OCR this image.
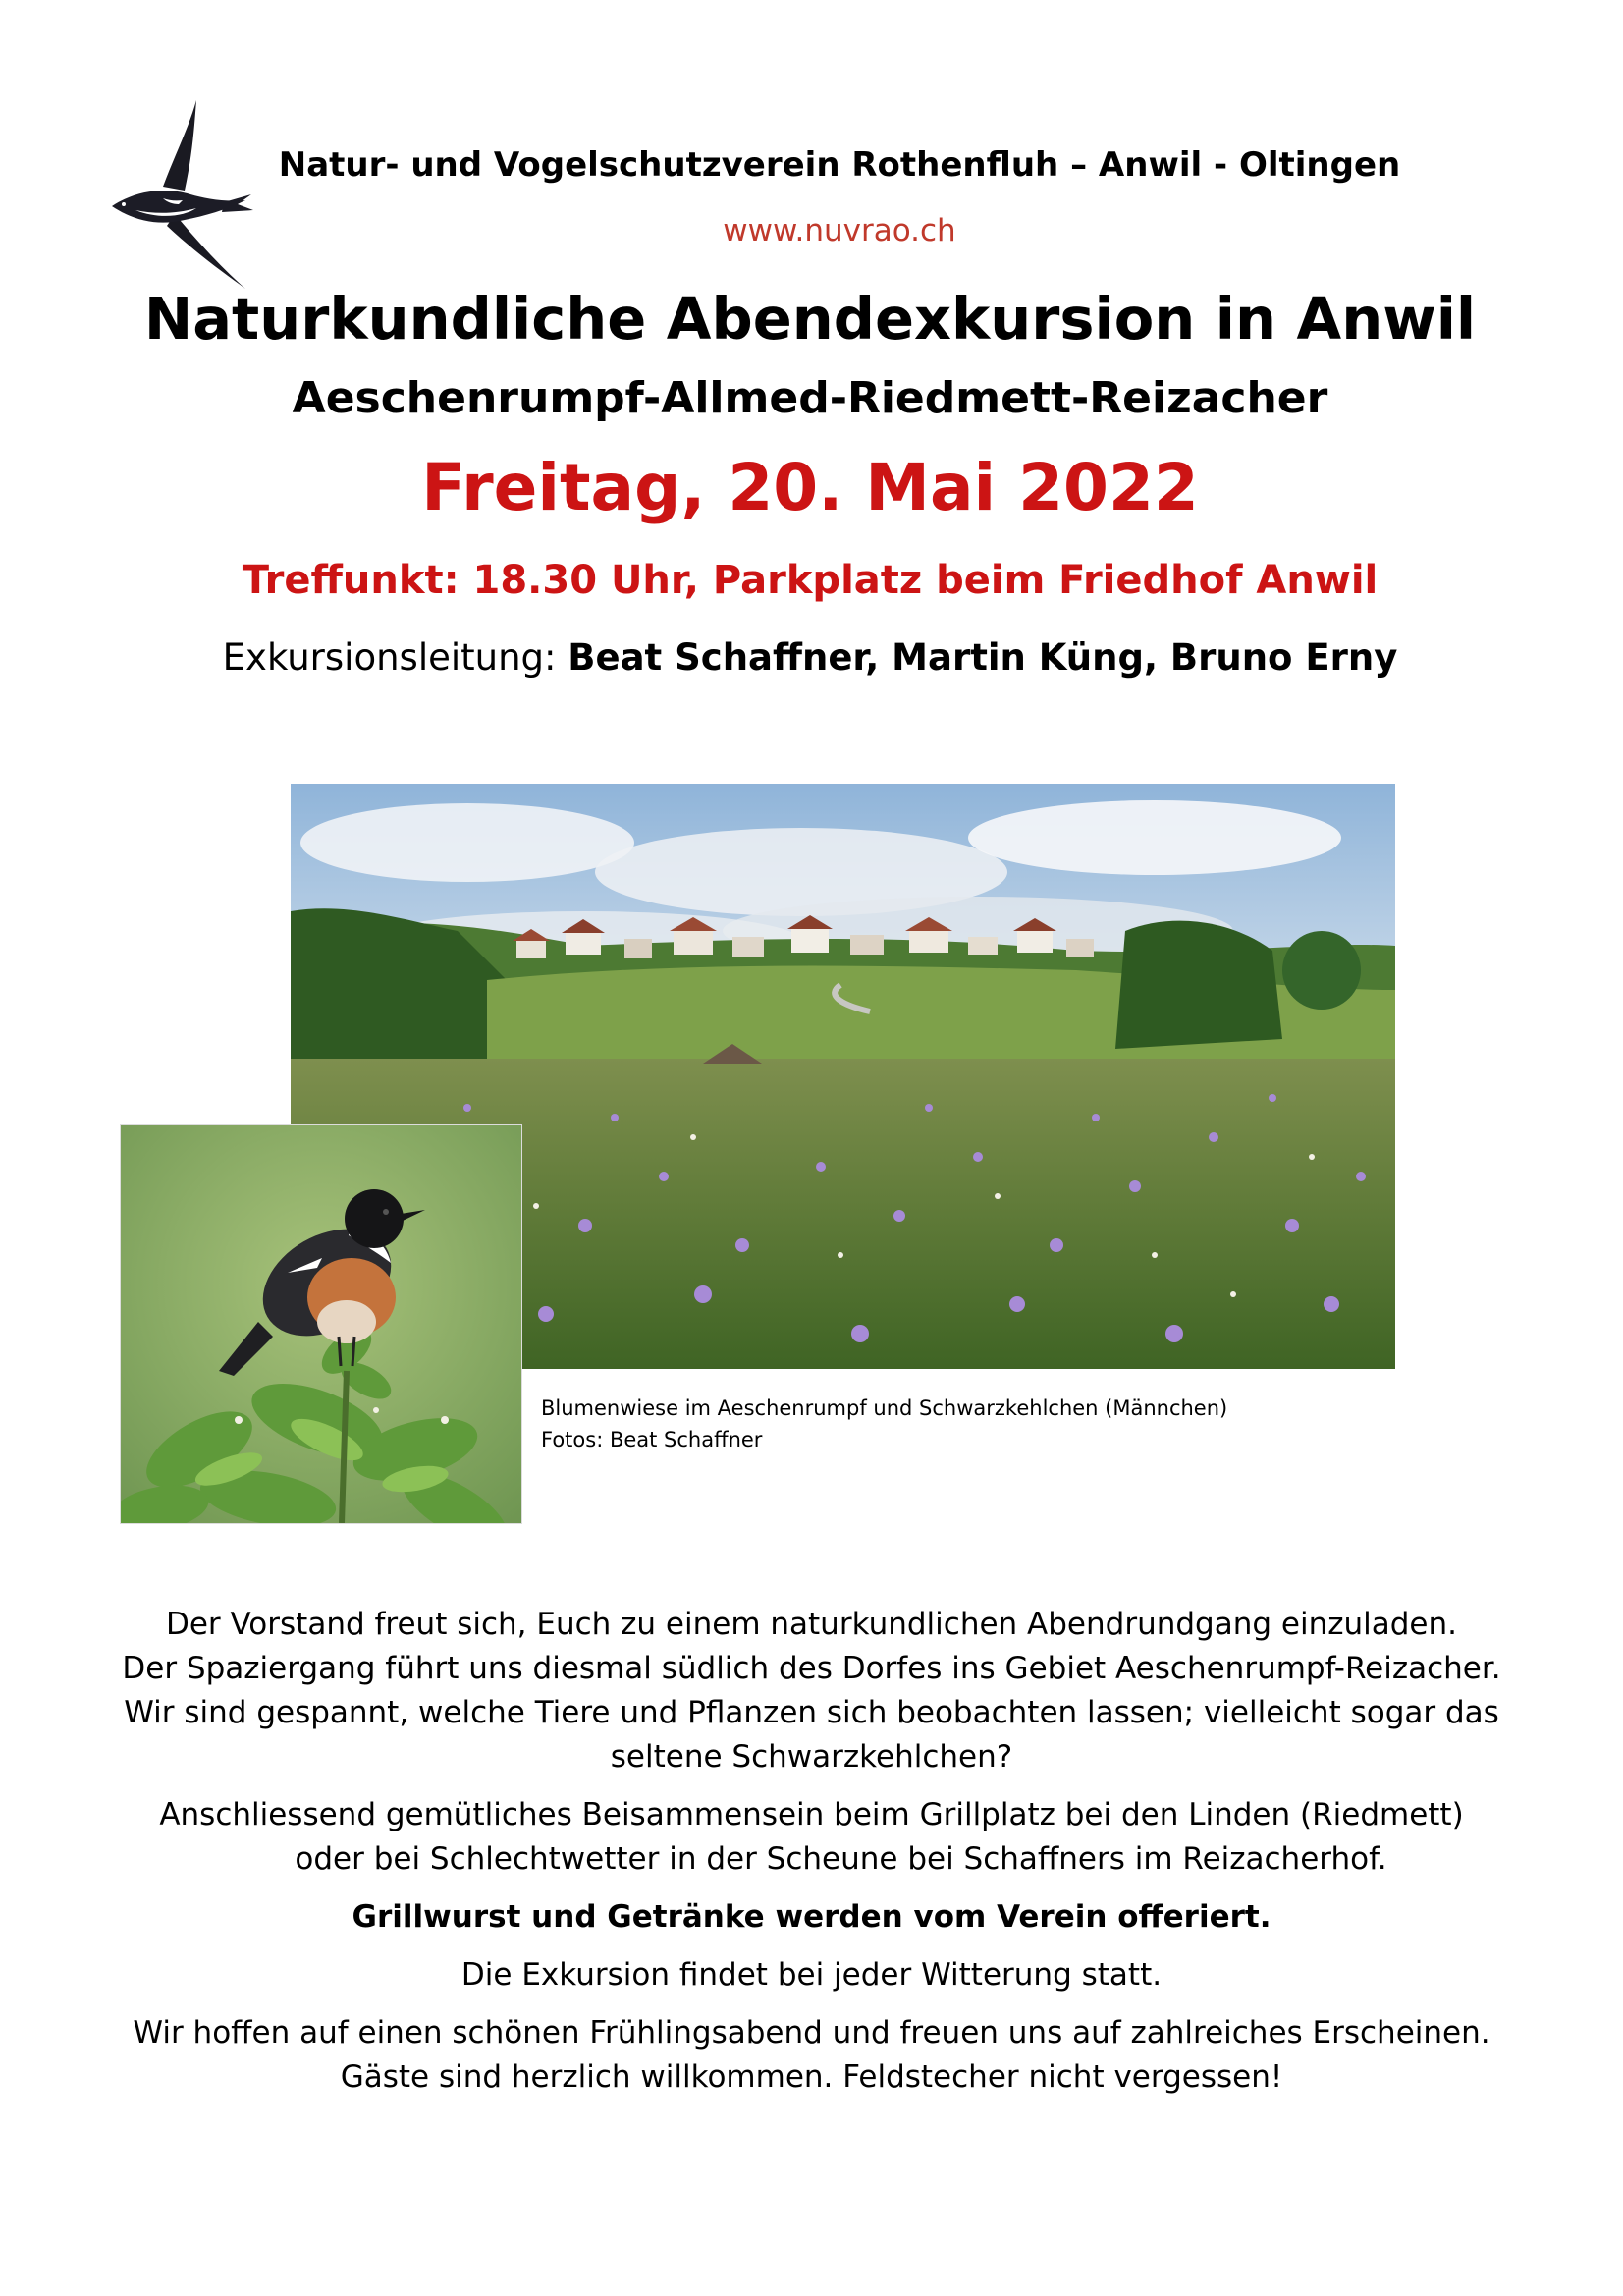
Natur- und Vogelschutzverein Rothenfluh – Anwil - Oltingen
www.nuvrao.ch
Naturkundliche Abendexkursion in Anwil
Aeschenrumpf-Allmed-Riedmett-Reizacher
Freitag, 20. Mai 2022
Treffunkt: 18.30 Uhr, Parkplatz beim Friedhof Anwil
Exkursionsleitung: Beat Schaffner, Martin Küng, Bruno Erny
Blumenwiese im Aeschenrumpf und Schwarzkehlchen (Männchen)
Fotos: Beat Schaffner

Der Vorstand freut sich, Euch zu einem naturkundlichen Abendrundgang einzuladen.
Der Spaziergang führt uns diesmal südlich des Dorfes ins Gebiet Aeschenrumpf-Reizacher.
Wir sind gespannt, welche Tiere und Pflanzen sich beobachten lassen; vielleicht sogar das
seltene Schwarzkehlchen?

Anschliessend gemütliches Beisammensein beim Grillplatz bei den Linden (Riedmett)
oder bei Schlechtwetter in der Scheune bei Schaffners im Reizacherhof.

Grillwurst und Getränke werden vom Verein offeriert.

Die Exkursion findet bei jeder Witterung statt.

Wir hoffen auf einen schönen Frühlingsabend und freuen uns auf zahlreiches Erscheinen.
Gäste sind herzlich willkommen. Feldstecher nicht vergessen!
